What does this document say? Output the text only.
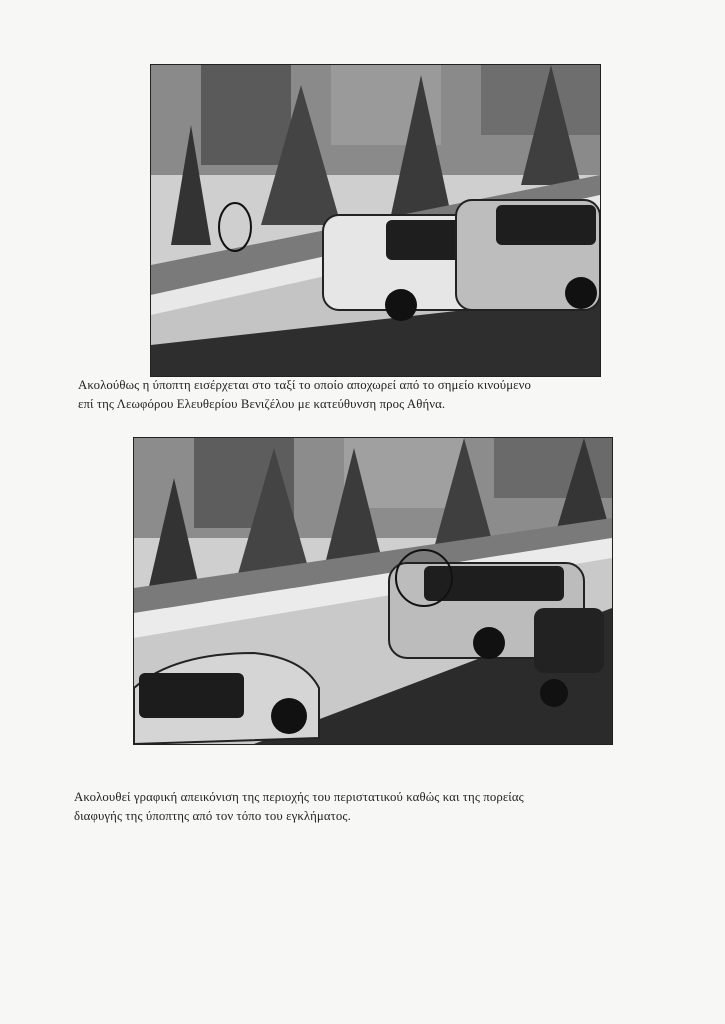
Ακολούθως η ύποπτη εισέρχεται στο ταξί το οποίο αποχωρεί από το σημείο κινούμενο
επί της Λεωφόρου Ελευθερίου Βενιζέλου με κατεύθυνση προς Αθήνα.
Ακολουθεί γραφική απεικόνιση της περιοχής του περιστατικού καθώς και της πορείας
διαφυγής της ύποπτης από τον τόπο του εγκλήματος.
